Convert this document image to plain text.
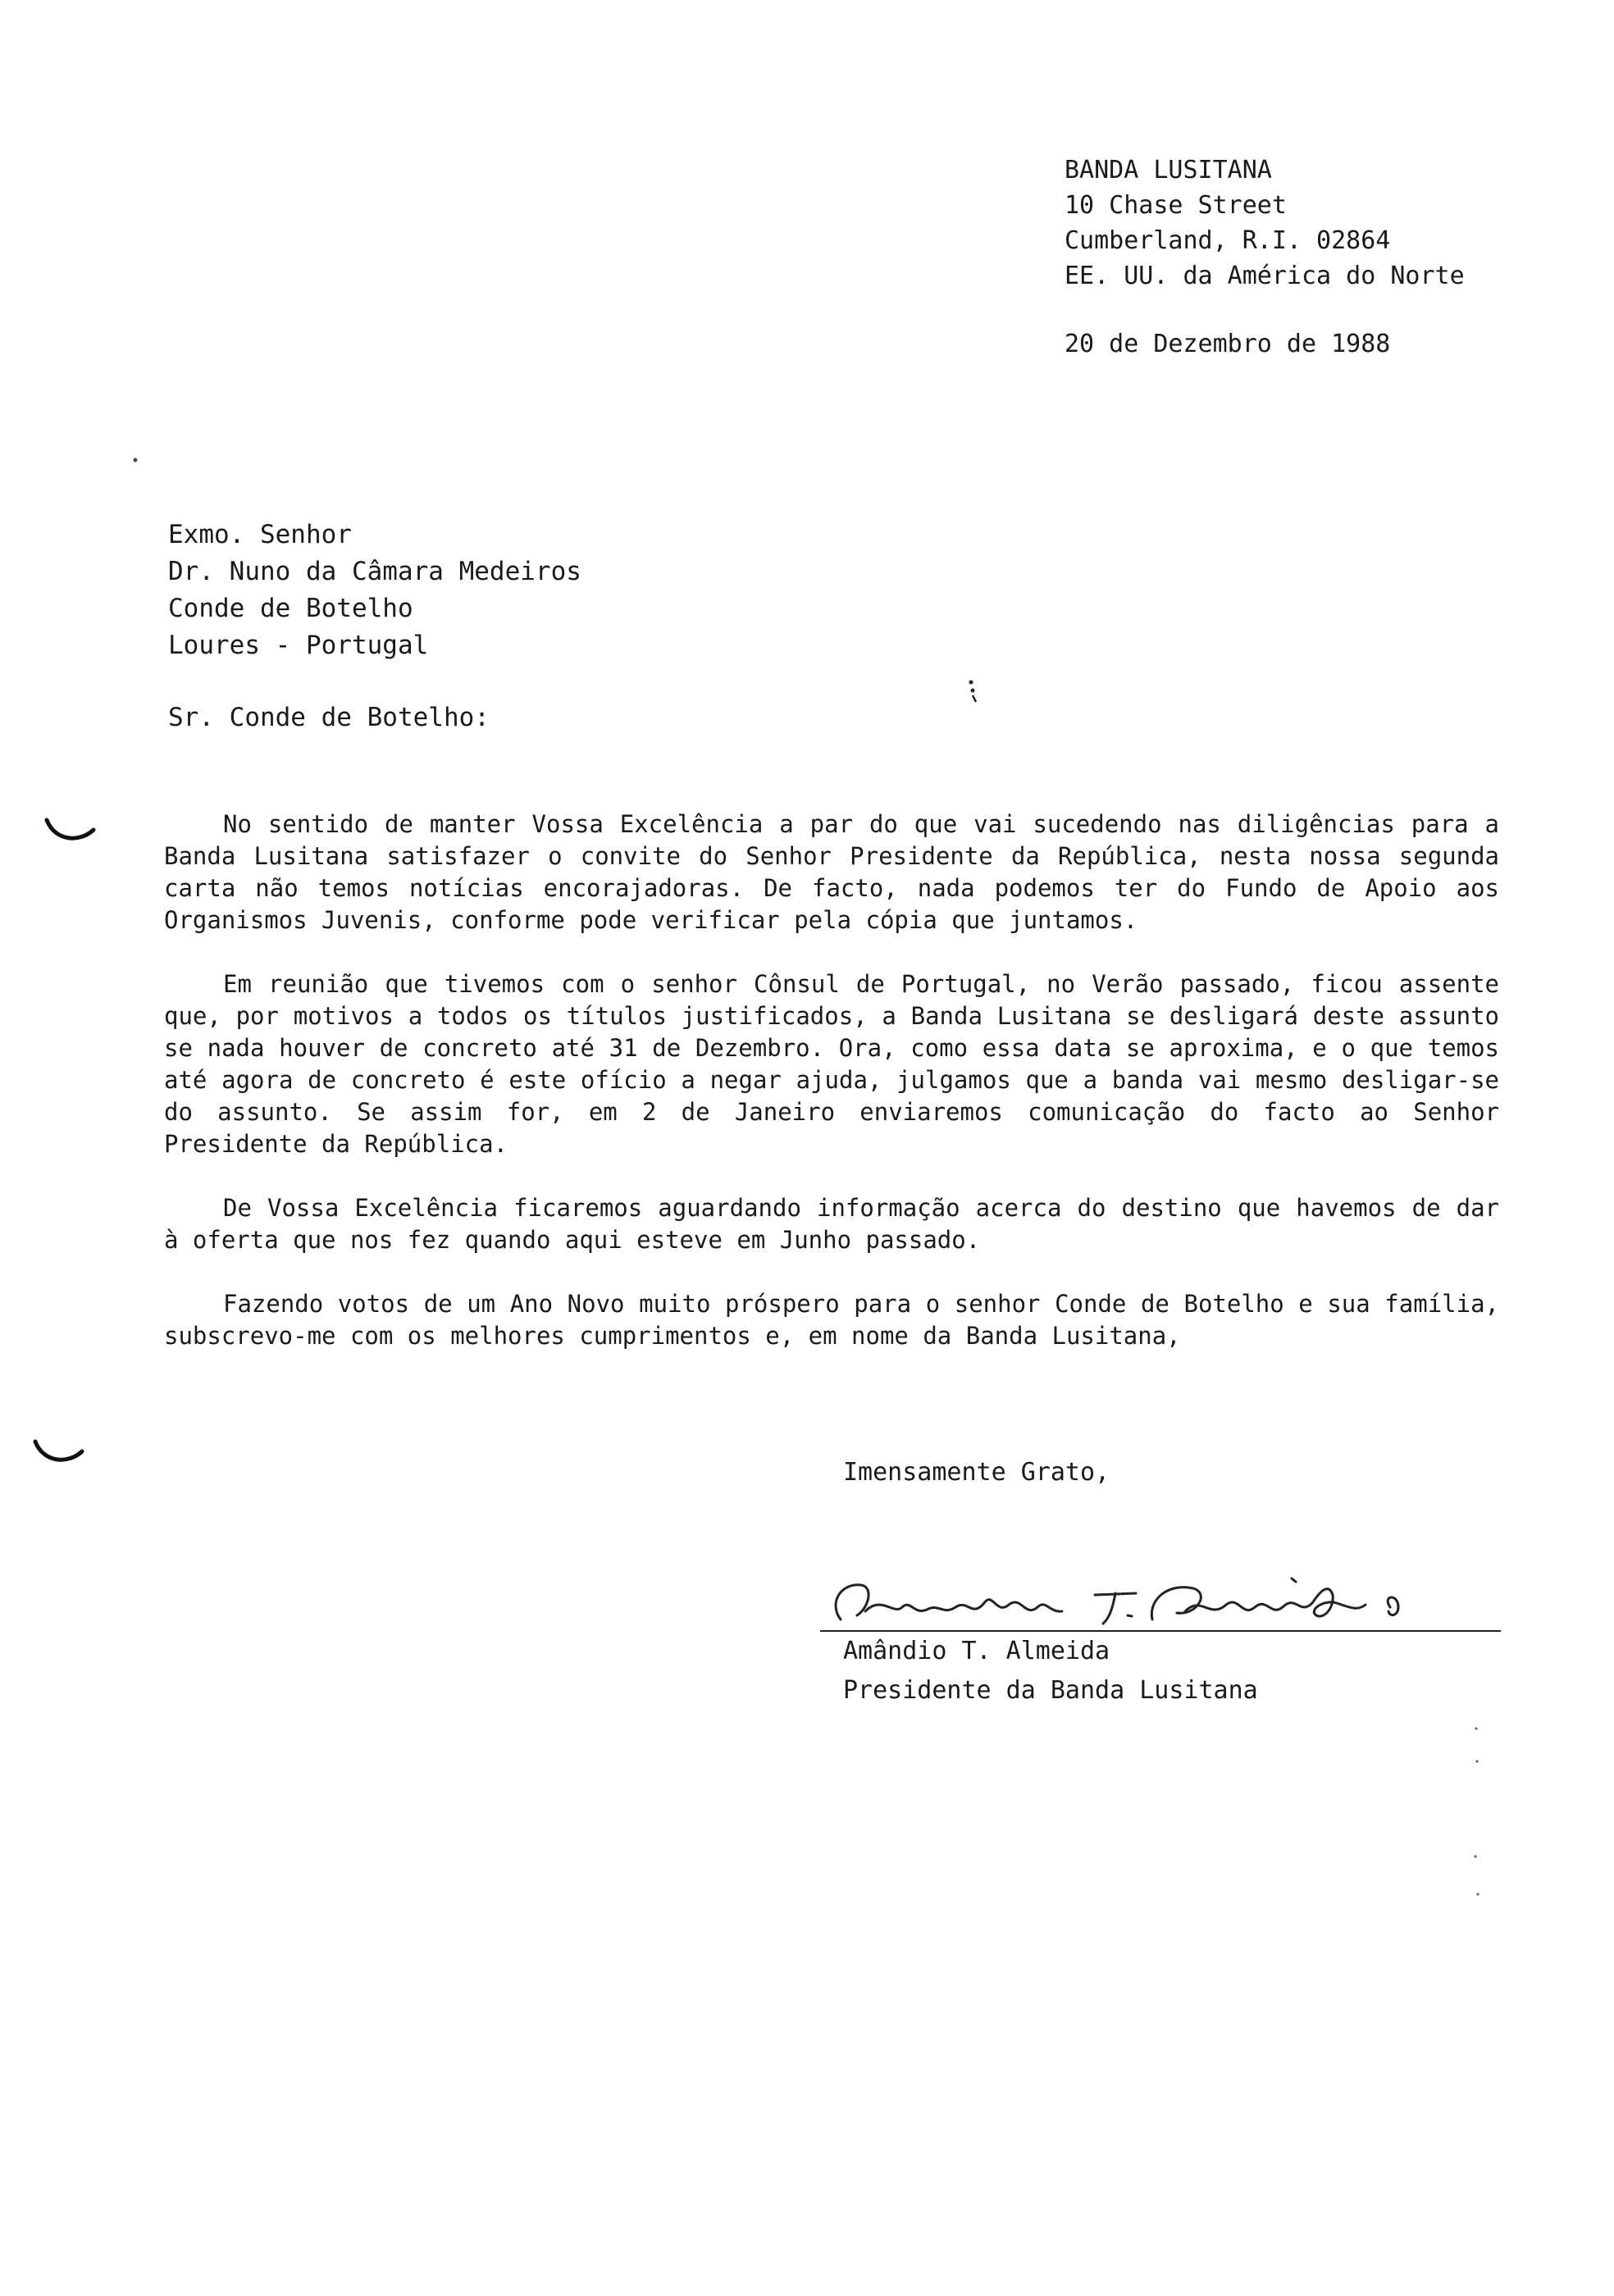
BANDA LUSITANA
10 Chase Street
Cumberland, R.I. 02864
EE. UU. da América do Norte
20 de Dezembro de 1988
Exmo. Senhor
Dr. Nuno da Câmara Medeiros
Conde de Botelho
Loures - Portugal
Sr. Conde de Botelho:

No sentido de manter Vossa Excelência a par do que vai sucedendo nas diligências para a Banda Lusitana satisfazer o convite do Senhor Presidente da República, nesta nossa segunda carta não temos notícias encorajadoras. De facto, nada podemos ter do Fundo de Apoio aos Organismos Juvenis, conforme pode verificar pela cópia que juntamos.

Em reunião que tivemos com o senhor Cônsul de Portugal, no Verão passado, ficou assente que, por motivos a todos os títulos justificados, a Banda Lusitana se desligará deste assunto se nada houver de concreto até 31 de Dezembro. Ora, como essa data se aproxima, e o que temos até agora de concreto é este ofício a negar ajuda, julgamos que a banda vai mesmo desligar-se do assunto. Se assim for, em 2 de Janeiro enviaremos comunicação do facto ao Senhor Presidente da República.

De Vossa Excelência ficaremos aguardando informação acerca do destino que havemos de dar à oferta que nos fez quando aqui esteve em Junho passado.

Fazendo votos de um Ano Novo muito próspero para o senhor Conde de Botelho e sua família, subscrevo-me com os melhores cumprimentos e, em nome da Banda Lusitana,

Imensamente Grato,
Amândio T. Almeida
Presidente da Banda Lusitana
